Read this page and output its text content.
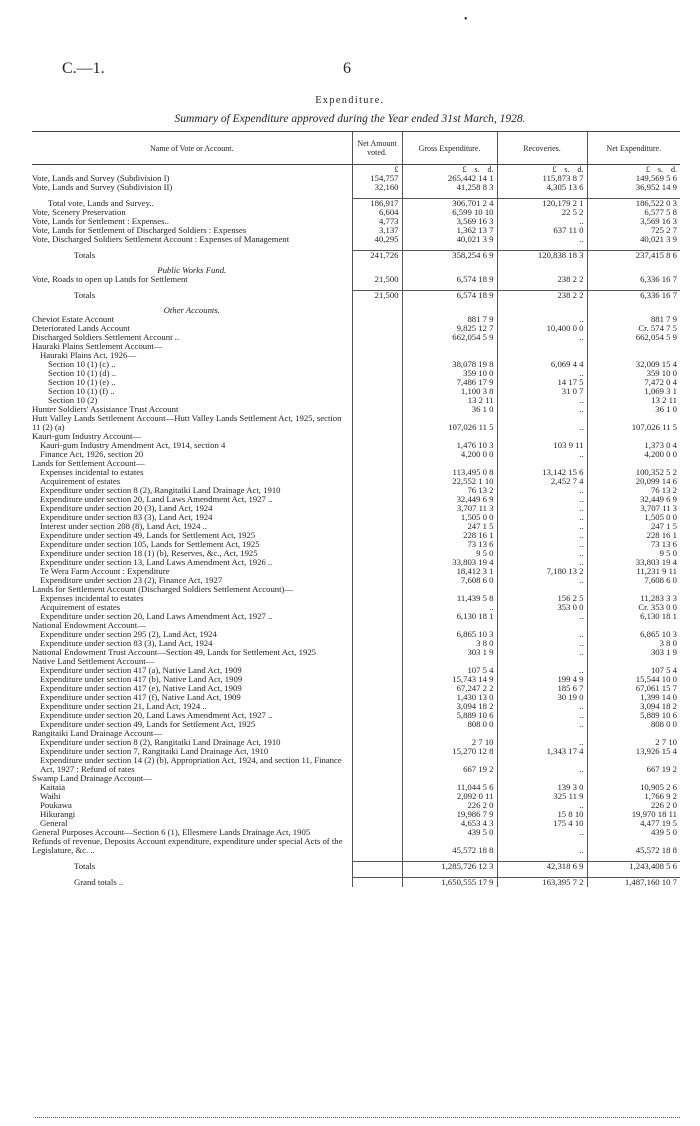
C.—1.	6
•
Expenditure.
Summary of Expenditure approved during the Year ended 31st March, 1928.
Name of Vote or Account.	Net Amount voted.	Gross Expenditure.	Recoveries.	Net Expenditure.
	£	£ s. d.	£ s. d.	£ s. d.
Vote, Lands and Survey (Subdivision I)	154,757	265,442 14 1	115,873 8 7	149,569 5 6
Vote, Lands and Survey (Subdivision II)	32,160	41,258 8 3	4,305 13 6	36,952 14 9

Total vote, Lands and Survey..	186,917	306,701 2 4	120,179 2 1	186,522 0 3
Vote, Scenery Preservation	6,604	6,599 10 10	22 5 2	6,577 5 8
Vote, Lands for Settlement : Expenses..	4,773	3,569 16 3	..	3,569 16 3
Vote, Lands for Settlement of Discharged Soldiers : Expenses	3,137	1,362 13 7	637 11 0	725 2 7
Vote, Discharged Soldiers Settlement Account : Expenses of Management	40,295	40,021 3 9	..	40,021 3 9

Totals	241,726	358,254 6 9	120,838 18 3	237,415 8 6

Public Works Fund.				
Vote, Roads to open up Lands for Settlement	21,500	6,574 18 9	238 2 2	6,336 16 7

Totals	21,500	6,574 18 9	238 2 2	6,336 16 7

Other Accounts.				
Cheviot Estate Account		881 7 9	..	881 7 9
Deteriorated Lands Account		9,825 12 7	10,400 0 0	Cr. 574 7 5
Discharged Soldiers Settlement Account ..		662,054 5 9	..	662,054 5 9
Hauraki Plains Settlement Account—				
Hauraki Plains Act, 1926—				
Section 10 (1) (c) ..		38,078 19 8	6,069 4 4	32,009 15 4
Section 10 (1) (d) ..		359 10 0	..	359 10 0
Section 10 (1) (e) ..		7,486 17 9	14 17 5	7,472 0 4
Section 10 (1) (f) ..		1,100 3 8	31 0 7	1,069 3 1
Section 10 (2)		13 2 11	..	13 2 11
Hunter Soldiers' Assistance Trust Account		36 1 0	..	36 1 0
Hutt Valley Lands Settlement Account—Hutt Valley Lands Settlement Act, 1925, section 11 (2) (a)		107,026 11 5	..	107,026 11 5
Kauri-gum Industry Account—				
Kauri-gum Industry Amendment Act, 1914, section 4		1,476 10 3	103 9 11	1,373 0 4
Finance Act, 1926, section 20		4,200 0 0	..	4,200 0 0
Lands for Settlement Account—				
Expenses incidental to estates		113,495 0 8	13,142 15 6	100,352 5 2
Acquirement of estates		22,552 1 10	2,452 7 4	20,099 14 6
Expenditure under section 8 (2), Rangitaiki Land Drainage Act, 1910		76 13 2	..	76 13 2
Expenditure under section 20, Land Laws Amendment Act, 1927 ..		32,449 6 9	..	32,449 6 9
Expenditure under section 20 (3), Land Act, 1924		3,707 11 3	..	3,707 11 3
Expenditure under section 83 (3), Land Act, 1924		1,505 0 0	..	1,505 0 0
Interest under section 208 (8), Land Act, 1924 ..		247 1 5	..	247 1 5
Expenditure under section 49, Lands for Settlement Act, 1925		228 16 1	..	228 16 1
Expenditure under section 105, Lands for Settlement Act, 1925		73 13 6	..	73 13 6
Expenditure under section 18 (1) (b), Reserves, &c., Act, 1925		9 5 0	..	9 5 0
Expenditure under section 13, Land Laws Amendment Act, 1926 ..		33,803 19 4	..	33,803 19 4
Te Wera Farm Account : Expenditure		18,412 3 1	7,180 13 2	11,231 9 11
Expenditure under section 23 (2), Finance Act, 1927		7,608 6 0	..	7,608 6 0
Lands for Settlement Account (Discharged Soldiers Settlement Account)—				
Expenses incidental to estates		11,439 5 8	156 2 5	11,283 3 3
Acquirement of estates		..	353 0 0	Cr. 353 0 0
Expenditure under section 20, Land Laws Amendment Act, 1927 ..		6,130 18 1	..	6,130 18 1
National Endowment Account—				
Expenditure under section 295 (2), Land Act, 1924		6,865 10 3	..	6,865 10 3
Expenditure under section 83 (3), Land Act, 1924		3 8 0	..	3 8 0
National Endowment Trust Account—Section 49, Lands for Settlement Act, 1925		303 1 9	..	303 1 9
Native Land Settlement Account—				
Expenditure under section 417 (a), Native Land Act, 1909		107 5 4	..	107 5 4
Expenditure under section 417 (b), Native Land Act, 1909		15,743 14 9	199 4 9	15,544 10 0
Expenditure under section 417 (e), Native Land Act, 1909		67,247 2 2	185 6 7	67,061 15 7
Expenditure under section 417 (f), Native Land Act, 1909		1,430 13 0	30 19 0	1,399 14 0
Expenditure under section 21, Land Act, 1924 ..		3,094 18 2	..	3,094 18 2
Expenditure under section 20, Land Laws Amendment Act, 1927 ..		5,889 10 6	..	5,889 10 6
Expenditure under section 49, Lands for Settlement Act, 1925		808 0 0	..	808 0 0
Rangitaiki Land Drainage Account—				
Expenditure under section 8 (2), Rangitaiki Land Drainage Act, 1910		2 7 10	..	2 7 10
Expenditure under section 7, Rangitaiki Land Drainage Act, 1910		15,270 12 8	1,343 17 4	13,926 15 4
Expenditure under section 14 (2) (b), Appropriation Act, 1924, and section 11, Finance Act, 1927 : Refund of rates		667 19 2	..	667 19 2
Swamp Land Drainage Account—				
Kaitaia		11,044 5 6	139 3 0	10,905 2 6
Waihi		2,092 0 11	325 11 9	1,766 9 2
Poukawa		226 2 0	..	226 2 0
Hikurangi		19,986 7 9	15 8 10	19,970 18 11
General		4,653 4 3	175 4 10	4,477 19 5
General Purposes Account—Section 6 (1), Ellesmere Lands Drainage Act, 1905		439 5 0	..	439 5 0
Refunds of revenue, Deposits Account expenditure, expenditure under special Acts of the Legislature, &c. ..		45,572 18 8	..	45,572 18 8

Totals		1,285,726 12 3	42,318 6 9	1,243,408 5 6

Grand totals ..		1,650,555 17 9	163,395 7 2	1,487,160 10 7
